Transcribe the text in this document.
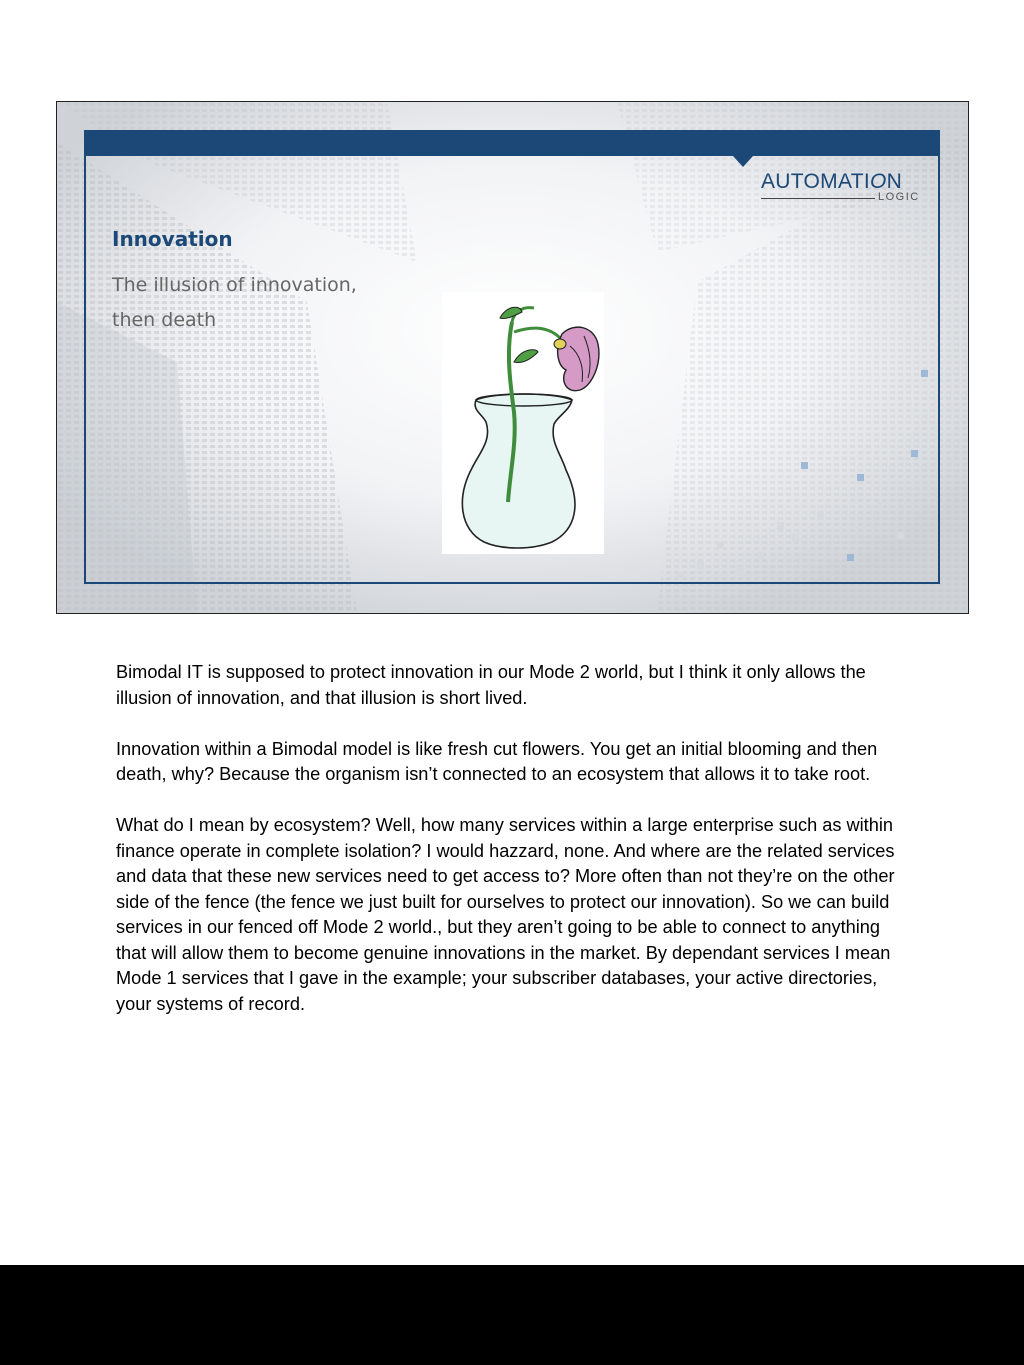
AUTOMATION
LOGIC
Innovation
The illusion of innovation,
then death

Bimodal IT is supposed to protect innovation in our Mode 2 world, but I think it only allows the illusion of innovation, and that illusion is short lived.

Innovation within a Bimodal model is like fresh cut flowers. You get an initial blooming and then death, why? Because the organism isn’t connected to an ecosystem that allows it to take root.

What do I mean by ecosystem? Well, how many services within a large enterprise such as within finance operate in complete isolation? I would hazzard, none. And where are the related services and data that these new services need to get access to? More often than not they’re on the other side of the fence (the fence we just built for ourselves to protect our innovation). So we can build services in our fenced off Mode 2 world., but they aren’t going to be able to connect to anything that will allow them to become genuine innovations in the market. By dependant services I mean Mode 1 services that I gave in the example; your subscriber databases, your active directories, your systems of record.
